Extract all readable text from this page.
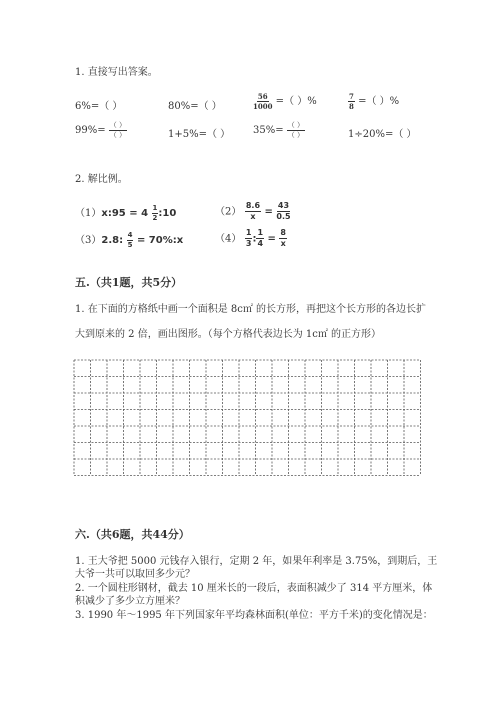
1. 直接写出答案。
6%=（ ）	80%=（ ）	$\frac{56}{1000}$ =（ ）%	$\frac{7}{8}$ =（ ）%
$99\%= \frac{( )}{( )}$	1+5%=（ ） $35\%= \frac{( )}{( )}$	1÷20%=（ ）
2. 解比例。
（1）x:95 = $4 \frac{1}{2}$ :10	$(2) \frac{8.6}{x} = \frac{43}{0.5}$
（3）2.8: $\frac{4}{5}$ = 70%:x	$(4) \frac{1}{3}$ : $\frac{1}{4} = \frac{8}{x}$
五.（共1题，共5分）
1. 在下面的方格纸中画一个面积是 8c㎡ 的长方形，再把这个长方形的各边长扩
大到原来的 2 倍，画出图形。（每个方格代表边长为 1c㎡ 的正方形）
六.（共6题，共44分）
1. 王大爷把 5000 元钱存入银行，定期 2 年，如果年利率是 3.75%，到期后，王
大爷一共可以取回多少元？
2. 一个圆柱形钢材，截去 10 厘米长的一段后，表面积减少了 314 平方厘米，体
积减少了多少立方厘米？
3. 1990 年～1995 年下列国家年平均森林面积(单位：平方千米)的变化情况是：
